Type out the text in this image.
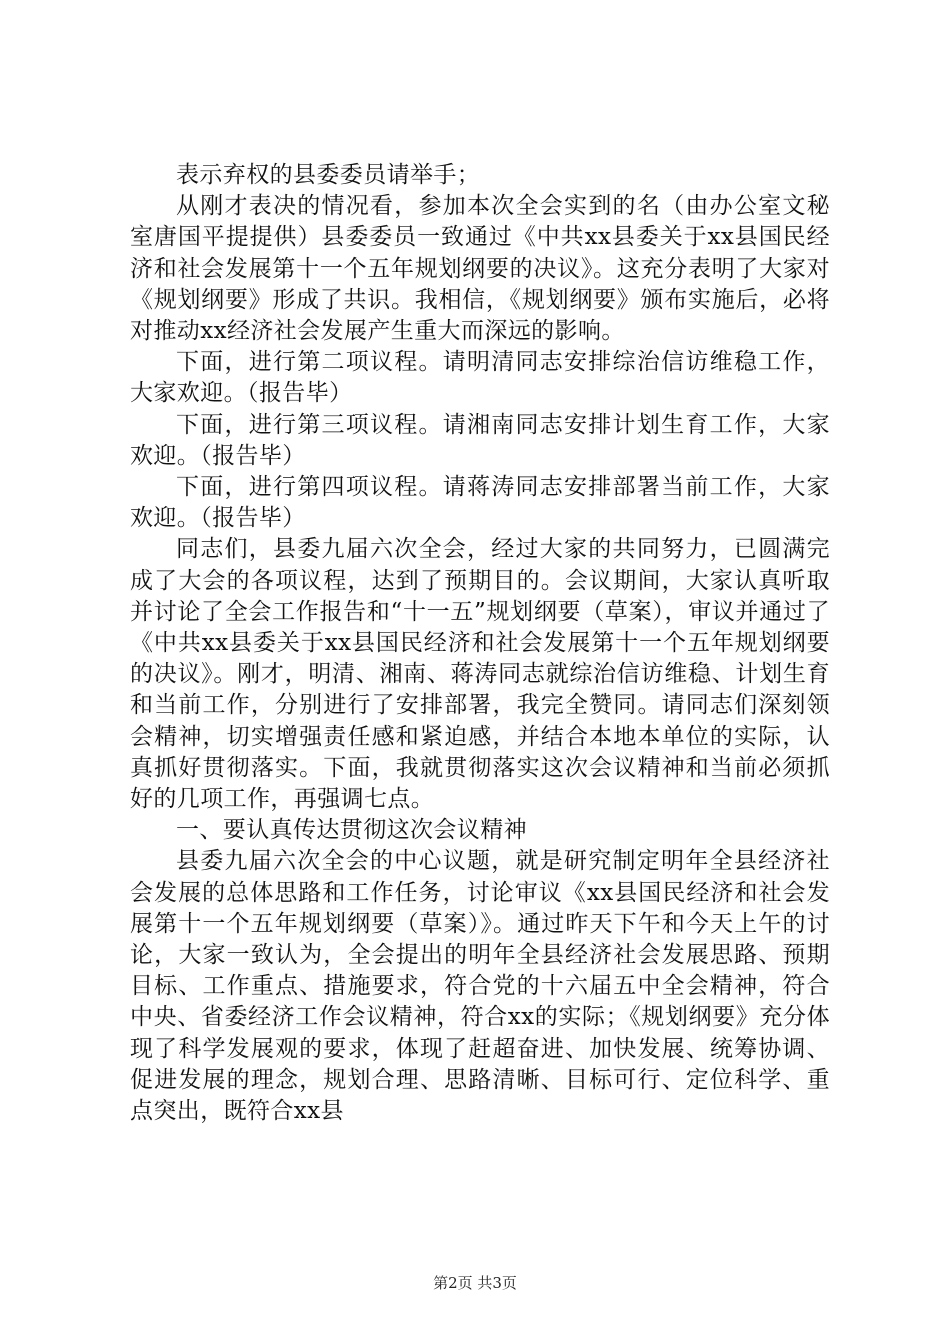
表示弃权的县委委员请举手；

从刚才表决的情况看，参加本次全会实到的名（由办公室文秘室唐国平提提供）县委委员一致通过《中共xx县委关于xx县国民经济和社会发展第十一个五年规划纲要的决议》。这充分表明了大家对《规划纲要》形成了共识。我相信，《规划纲要》颁布实施后，必将对推动xx经济社会发展产生重大而深远的影响。

下面，进行第二项议程。请明清同志安排综治信访维稳工作，大家欢迎。（报告毕）

下面，进行第三项议程。请湘南同志安排计划生育工作，大家欢迎。（报告毕）

下面，进行第四项议程。请蒋涛同志安排部署当前工作，大家欢迎。（报告毕）

同志们，县委九届六次全会，经过大家的共同努力，已圆满完成了大会的各项议程，达到了预期目的。会议期间，大家认真听取并讨论了全会工作报告和“十一五”规划纲要（草案），审议并通过了《中共xx县委关于xx县国民经济和社会发展第十一个五年规划纲要的决议》。刚才，明清、湘南、蒋涛同志就综治信访维稳、计划生育和当前工作，分别进行了安排部署，我完全赞同。请同志们深刻领会精神，切实增强责任感和紧迫感，并结合本地本单位的实际，认真抓好贯彻落实。下面，我就贯彻落实这次会议精神和当前必须抓好的几项工作，再强调七点。

一、要认真传达贯彻这次会议精神

县委九届六次全会的中心议题，就是研究制定明年全县经济社会发展的总体思路和工作任务，讨论审议《xx县国民经济和社会发展第十一个五年规划纲要（草案）》。通过昨天下午和今天上午的讨论，大家一致认为，全会提出的明年全县经济社会发展思路、预期目标、工作重点、措施要求，符合党的十六届五中全会精神，符合中央、省委经济工作会议精神，符合xx的实际；《规划纲要》充分体现了科学发展观的要求，体现了赶超奋进、加快发展、统筹协调、促进发展的理念，规划合理、思路清晰、目标可行、定位科学、重点突出，既符合xx县

第2页 共3页
